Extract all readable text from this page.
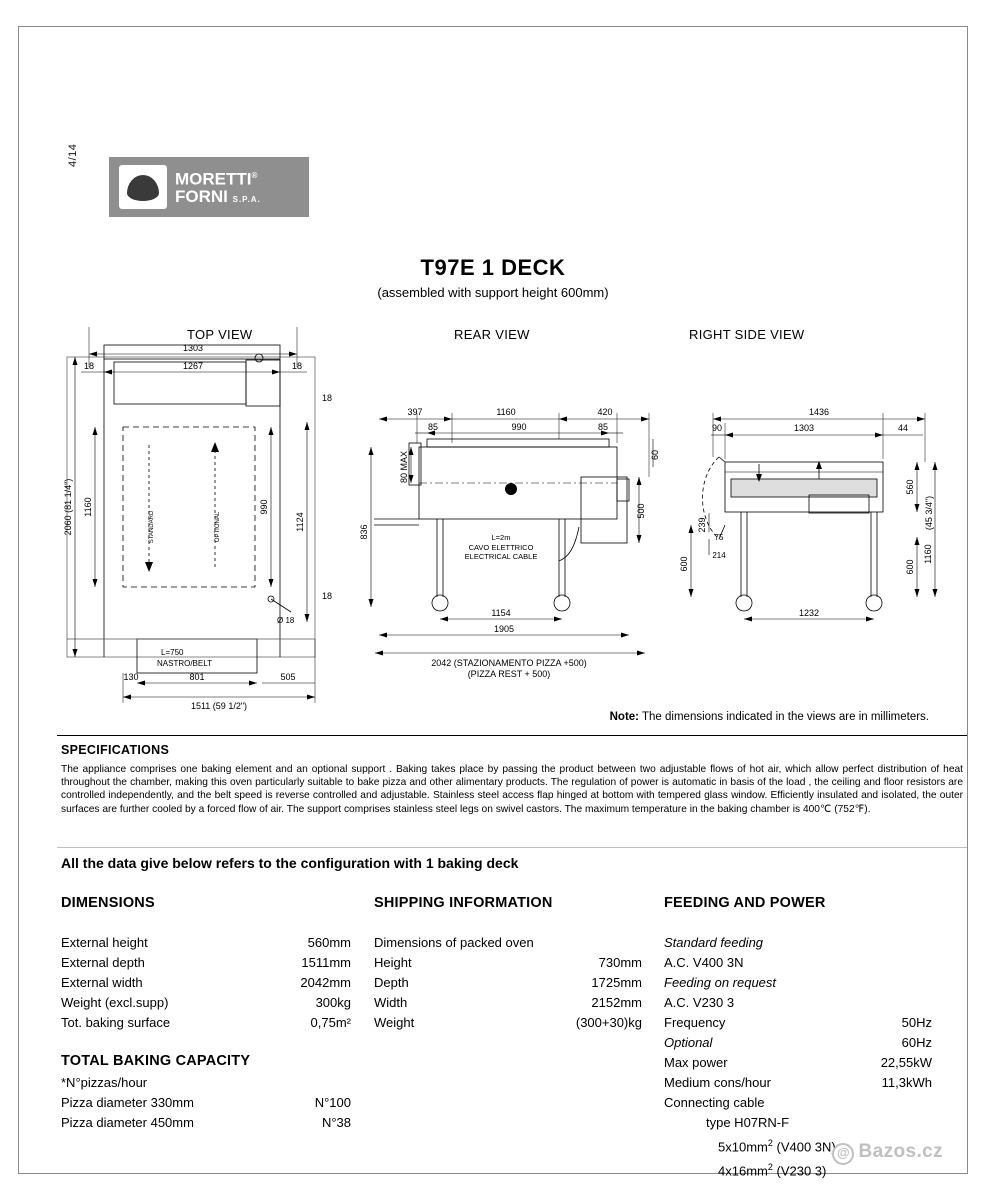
4/14
MORETTI®
FORNI S.P.A.
T97E 1 DECK
(assembled with support height 600mm)
TOP VIEW	REAR VIEW	RIGHT SIDE VIEW
1303
1267
18	18
18
18
2060 (81 1/4") 1160	990
1124
STANDARD	OPTIONAL
Ø 18
L=750
NASTRO/BELT
801	505
130
1511 (59 1/2")
397	1160	420
85	990	85
60
80 MAX
500
836	L=2m
CAVO ELETTRICO
ELECTRICAL CABLE
1154
1905
2042 (STAZIONAMENTO PIZZA +500)
(PIZZA REST + 500)
1436
1303
90	44
560
(45 3/4")
239
75
214
600	600
1160
1232
Note: The dimensions indicated in the views are in millimeters.
SPECIFICATIONS
The appliance comprises one baking element and an optional support . Baking takes place by passing the product between two adjustable flows of hot air, which allow perfect distribution of heat throughout the chamber, making this oven particularly suitable to bake pizza and other alimentary products. The regulation of power is automatic in basis of the load , the ceiling and floor resistors are controlled independently, and the belt speed is reverse controlled and adjustable. Stainless steel access flap hinged at bottom with tempered glass window. Efficiently insulated and isolated, the outer surfaces are further cooled by a forced flow of air. The support comprises stainless steel legs on swivel castors. The maximum temperature in the baking chamber is 400℃ (752℉).
All the data give below refers to the configuration with 1 baking deck
DIMENSIONS	SHIPPING INFORMATION	FEEDING AND POWER
TOTAL BAKING CAPACITY
External height	560mm
External depth	1511mm
External width	2042mm
Weight (excl.supp)	300kg
Tot. baking surface	0,75m²
Dimensions of packed oven
Height	730mm
Depth	1725mm
Width	2152mm
Weight	(300+30)kg
Standard feeding
A.C. V400 3N
Feeding on request
A.C. V230 3
Frequency	50Hz
Optional	60Hz
Max power	22,55kW
Medium cons/hour	11,3kWh
Connecting cable
type H07RN-F
$5x10mm^2$ (V400 3N)
$4x16mm^2$ (V230 3)
*N°pizzas/hour
Pizza diameter 330mm	N°100
Pizza diameter 450mm	N°38
@ Bazos.cz
